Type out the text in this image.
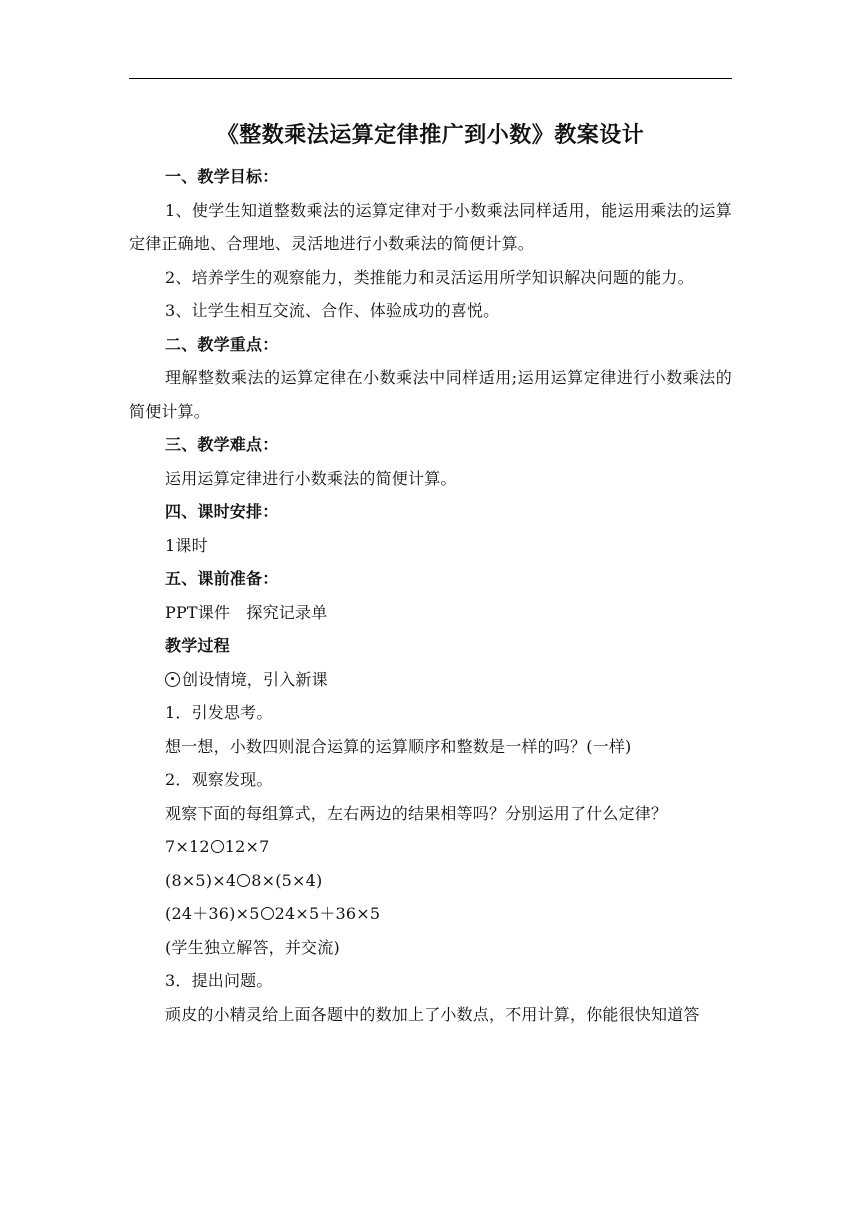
《整数乘法运算定律推广到小数》教案设计
一、教学目标：
1、使学生知道整数乘法的运算定律对于小数乘法同样适用，能运用乘法的运算定律正确地、合理地、灵活地进行小数乘法的简便计算。
2、培养学生的观察能力，类推能力和灵活运用所学知识解决问题的能力。
3、让学生相互交流、合作、体验成功的喜悦。
二、教学重点：
理解整数乘法的运算定律在小数乘法中同样适用;运用运算定律进行小数乘法的简便计算。
三、教学难点：
运用运算定律进行小数乘法的简便计算。
四、课时安排：
1课时
五、课前准备：
PPT课件　探究记录单
教学过程
创设情境，引入新课
1．引发思考。
想一想，小数四则混合运算的运算顺序和整数是一样的吗？(一样)
2．观察发现。
观察下面的每组算式，左右两边的结果相等吗？分别运用了什么定律？
7×12 12×7
(8×5)×4 8×(5×4)
(24＋36)×5 24×5＋36×5
(学生独立解答，并交流)
3．提出问题。
顽皮的小精灵给上面各题中的数加上了小数点，不用计算，你能很快知道答
